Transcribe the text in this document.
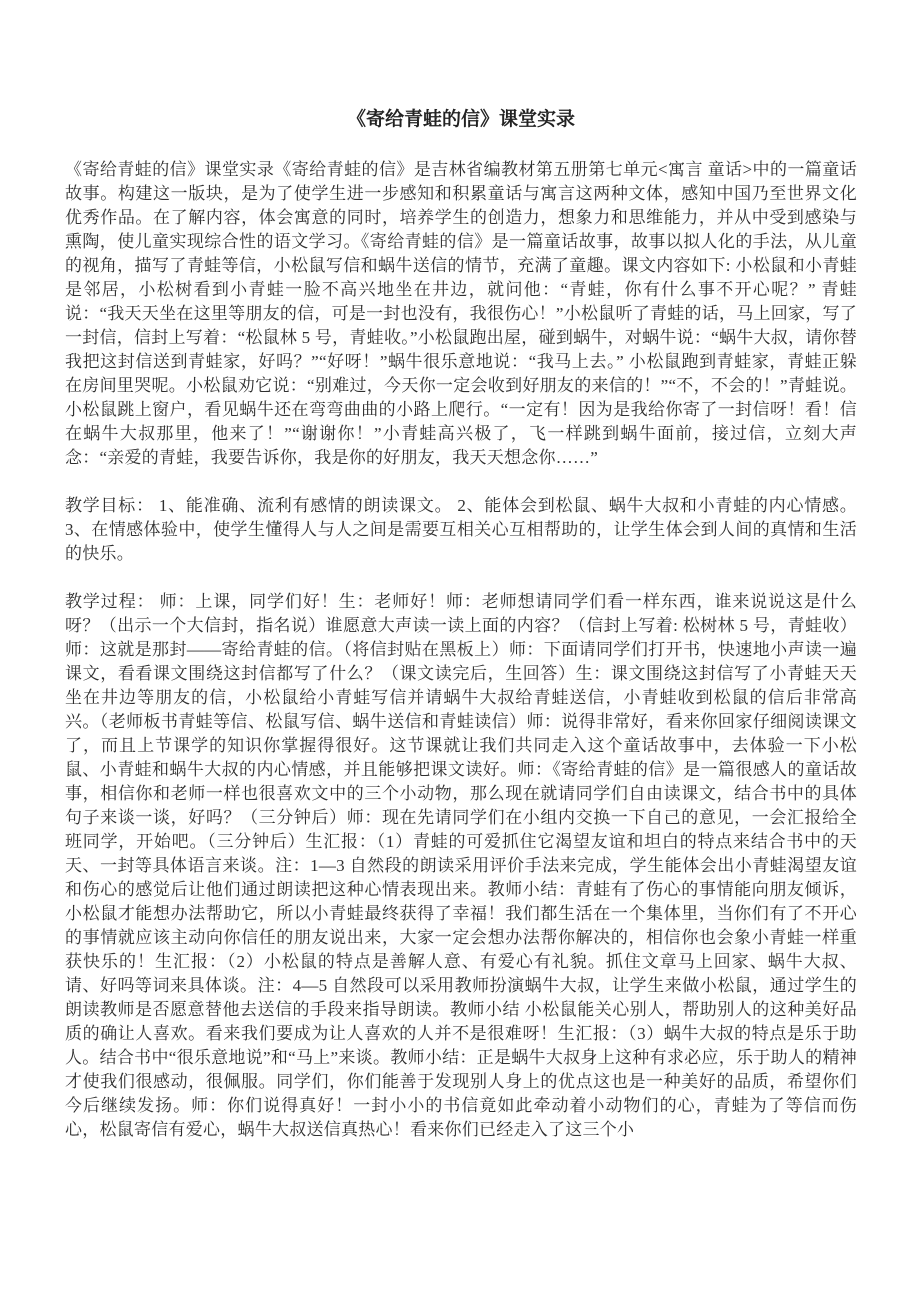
《寄给青蛙的信》课堂实录

《寄给青蛙的信》课堂实录《寄给青蛙的信》是吉林省编教材第五册第七单元<寓言 童话>中的一篇童话故事。构建这一版块，是为了使学生进一步感知和积累童话与寓言这两种文体，感知中国乃至世界文化优秀作品。在了解内容，体会寓意的同时，培养学生的创造力，想象力和思维能力，并从中受到感染与熏陶，使儿童实现综合性的语文学习。《寄给青蛙的信》是一篇童话故事，故事以拟人化的手法，从儿童的视角，描写了青蛙等信，小松鼠写信和蜗牛送信的情节，充满了童趣。课文内容如下: 小松鼠和小青蛙是邻居，小松树看到小青蛙一脸不高兴地坐在井边，就问他：“青蛙，你有什么事不开心呢？” 青蛙说：“我天天坐在这里等朋友的信，可是一封也没有，我很伤心！”小松鼠听了青蛙的话，马上回家，写了一封信，信封上写着：“松鼠林 5 号，青蛙收。”小松鼠跑出屋，碰到蜗牛，对蜗牛说：“蜗牛大叔，请你替我把这封信送到青蛙家，好吗？”“好呀！”蜗牛很乐意地说：“我马上去。” 小松鼠跑到青蛙家，青蛙正躲在房间里哭呢。小松鼠劝它说：“别难过，今天你一定会收到好朋友的来信的！”“不，不会的！”青蛙说。小松鼠跳上窗户，看见蜗牛还在弯弯曲曲的小路上爬行。“一定有！因为是我给你寄了一封信呀！看！信在蜗牛大叔那里，他来了！”“谢谢你！”小青蛙高兴极了，飞一样跳到蜗牛面前，接过信，立刻大声念：“亲爱的青蛙，我要告诉你，我是你的好朋友，我天天想念你……”

教学目标： 1、能准确、流利有感情的朗读课文。 2、能体会到松鼠、蜗牛大叔和小青蛙的内心情感。 3、在情感体验中，使学生懂得人与人之间是需要互相关心互相帮助的，让学生体会到人间的真情和生活的快乐。

教学过程： 师：上课，同学们好！生：老师好！师：老师想请同学们看一样东西，谁来说说这是什么呀？（出示一个大信封，指名说）谁愿意大声读一读上面的内容？（信封上写着: 松树林 5 号，青蛙收）师：这就是那封——寄给青蛙的信。（将信封贴在黑板上）师：下面请同学们打开书，快速地小声读一遍课文，看看课文围绕这封信都写了什么？（课文读完后，生回答）生：课文围绕这封信写了小青蛙天天坐在井边等朋友的信，小松鼠给小青蛙写信并请蜗牛大叔给青蛙送信，小青蛙收到松鼠的信后非常高兴。（老师板书青蛙等信、松鼠写信、蜗牛送信和青蛙读信）师：说得非常好，看来你回家仔细阅读课文了，而且上节课学的知识你掌握得很好。这节课就让我们共同走入这个童话故事中，去体验一下小松鼠、小青蛙和蜗牛大叔的内心情感，并且能够把课文读好。师：《寄给青蛙的信》是一篇很感人的童话故事，相信你和老师一样也很喜欢文中的三个小动物，那么现在就请同学们自由读课文，结合书中的具体句子来谈一谈，好吗？（三分钟后）师：现在先请同学们在小组内交换一下自己的意见，一会汇报给全班同学，开始吧。（三分钟后）生汇报：（1）青蛙的可爱抓住它渴望友谊和坦白的特点来结合书中的天天、一封等具体语言来谈。注：1—3 自然段的朗读采用评价手法来完成，学生能体会出小青蛙渴望友谊和伤心的感觉后让他们通过朗读把这种心情表现出来。教师小结：青蛙有了伤心的事情能向朋友倾诉，小松鼠才能想办法帮助它，所以小青蛙最终获得了幸福！我们都生活在一个集体里，当你们有了不开心的事情就应该主动向你信任的朋友说出来，大家一定会想办法帮你解决的，相信你也会象小青蛙一样重获快乐的！生汇报：（2）小松鼠的特点是善解人意、有爱心有礼貌。抓住文章马上回家、蜗牛大叔、请、好吗等词来具体谈。注：4—5 自然段可以采用教师扮演蜗牛大叔，让学生来做小松鼠，通过学生的朗读教师是否愿意替他去送信的手段来指导朗读。教师小结 小松鼠能关心别人，帮助别人的这种美好品质的确让人喜欢。看来我们要成为让人喜欢的人并不是很难呀！生汇报：（3）蜗牛大叔的特点是乐于助人。结合书中“很乐意地说”和“马上”来谈。教师小结：正是蜗牛大叔身上这种有求必应，乐于助人的精神才使我们很感动，很佩服。同学们，你们能善于发现别人身上的优点这也是一种美好的品质，希望你们今后继续发扬。师：你们说得真好！一封小小的书信竟如此牵动着小动物们的心，青蛙为了等信而伤心，松鼠寄信有爱心，蜗牛大叔送信真热心！看来你们已经走入了这三个小
